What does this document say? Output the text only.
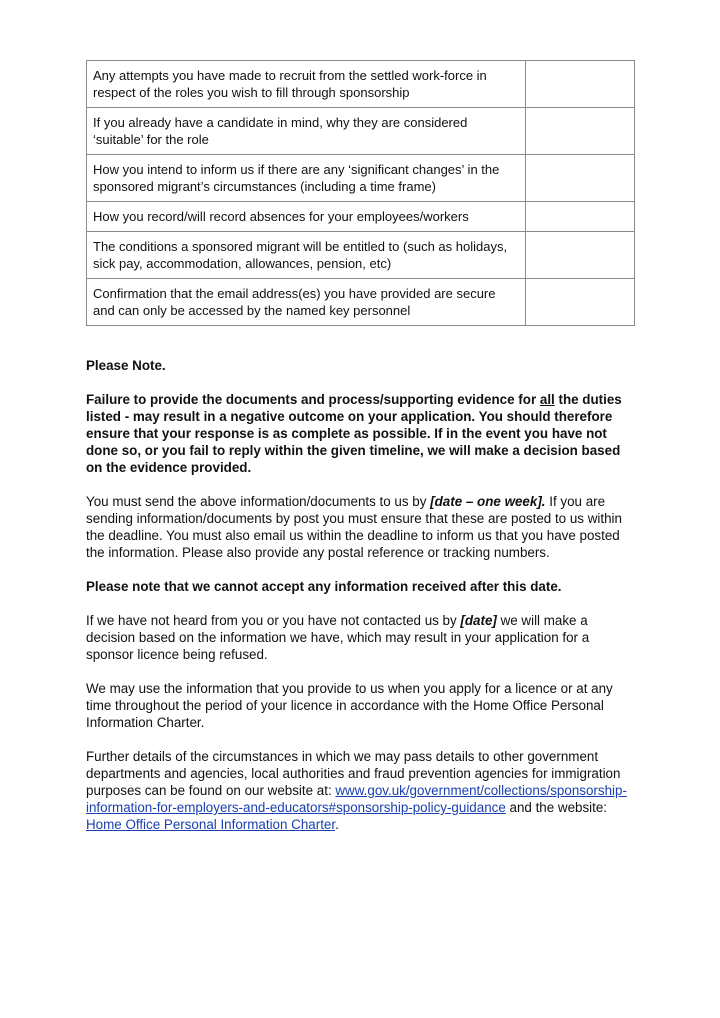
Any attempts you have made to recruit from the settled work-force in respect of the roles you wish to fill through sponsorship	
If you already have a candidate in mind, why they are considered ‘suitable’ for the role	
How you intend to inform us if there are any ‘significant changes’ in the sponsored migrant’s circumstances (including a time frame)	
How you record/will record absences for your employees/workers	
The conditions a sponsored migrant will be entitled to (such as holidays, sick pay, accommodation, allowances, pension, etc)	
Confirmation that the email address(es) you have provided are secure and can only be accessed by the named key personnel	

Please Note.

Failure to provide the documents and process/supporting evidence for all the duties listed - may result in a negative outcome on your application. You should therefore ensure that your response is as complete as possible. If in the event you have not done so, or you fail to reply within the given timeline, we will make a decision based on the evidence provided.

You must send the above information/documents to us by [date – one week]. If you are sending information/documents by post you must ensure that these are posted to us within the deadline. You must also email us within the deadline to inform us that you have posted the information. Please also provide any postal reference or tracking numbers.

Please note that we cannot accept any information received after this date.

If we have not heard from you or you have not contacted us by [date] we will make a decision based on the information we have, which may result in your application for a sponsor licence being refused.

We may use the information that you provide to us when you apply for a licence or at any time throughout the period of your licence in accordance with the Home Office Personal Information Charter.

Further details of the circumstances in which we may pass details to other government departments and agencies, local authorities and fraud prevention agencies for immigration purposes can be found on our website at: www.gov.uk/government/collections/sponsorship-information-for-employers-and-educators#sponsorship-policy-guidance and the website: Home Office Personal Information Charter.
